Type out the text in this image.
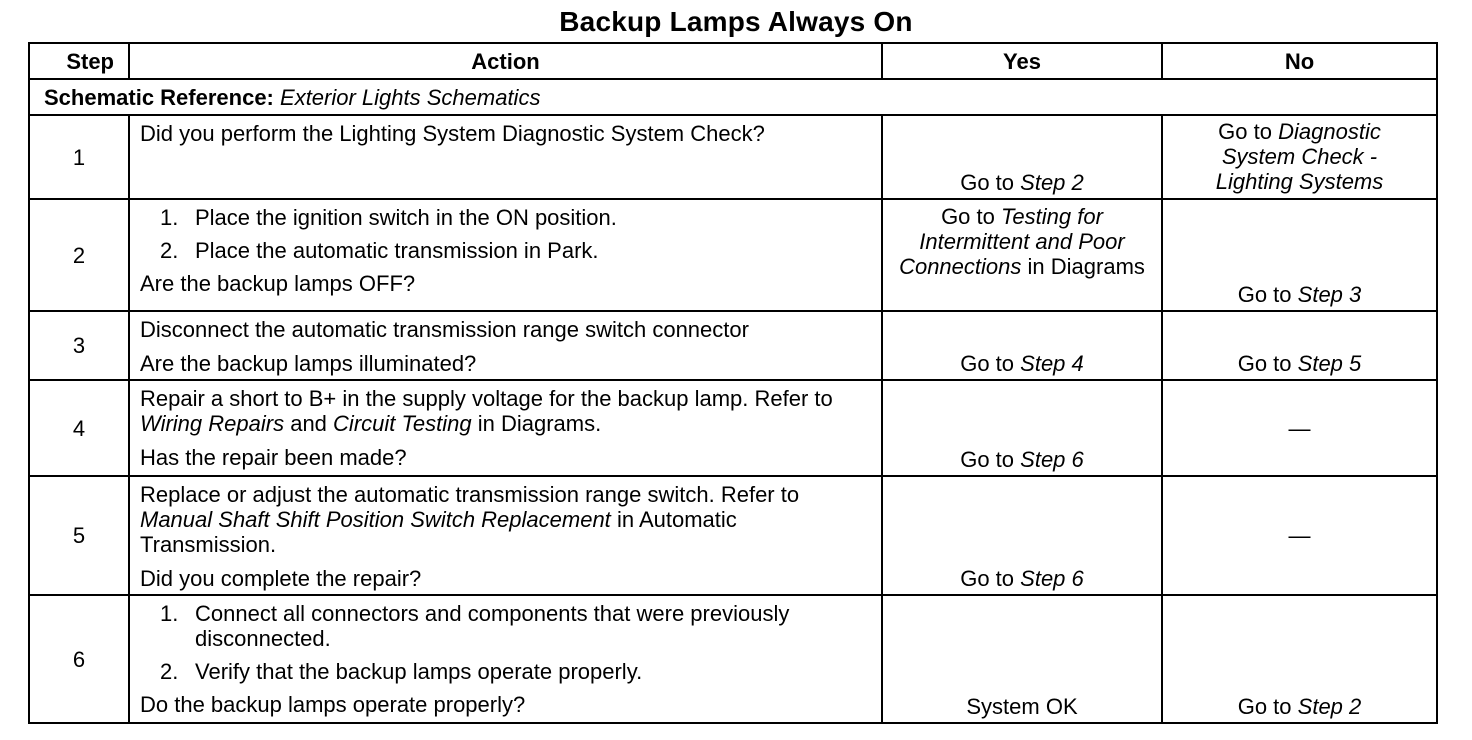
Backup Lamps Always On
Step	Action	Yes	No
Schematic Reference: Exterior Lights Schematics			
1	Did you perform the Lighting System Diagnostic System Check?	Go to Step 2	Go to Diagnostic System Check - Lighting Systems
2	1. Place the ignition switch in the ON position.
2. Place the automatic transmission in Park.
Are the backup lamps OFF?	Go to Testing for Intermittent and Poor Connections in Diagrams	Go to Step 3
3	Disconnect the automatic transmission range switch connector
Are the backup lamps illuminated?	Go to Step 4	Go to Step 5
4	Repair a short to B+ in the supply voltage for the backup lamp. Refer to Wiring Repairs and Circuit Testing in Diagrams.
Has the repair been made?	Go to Step 6	—
5	Replace or adjust the automatic transmission range switch. Refer to Manual Shaft Shift Position Switch Replacement in Automatic Transmission.
Did you complete the repair?	Go to Step 6	—
6	1. Connect all connectors and components that were previously disconnected.
2. Verify that the backup lamps operate properly.
Do the backup lamps operate properly?	System OK	Go to Step 2
